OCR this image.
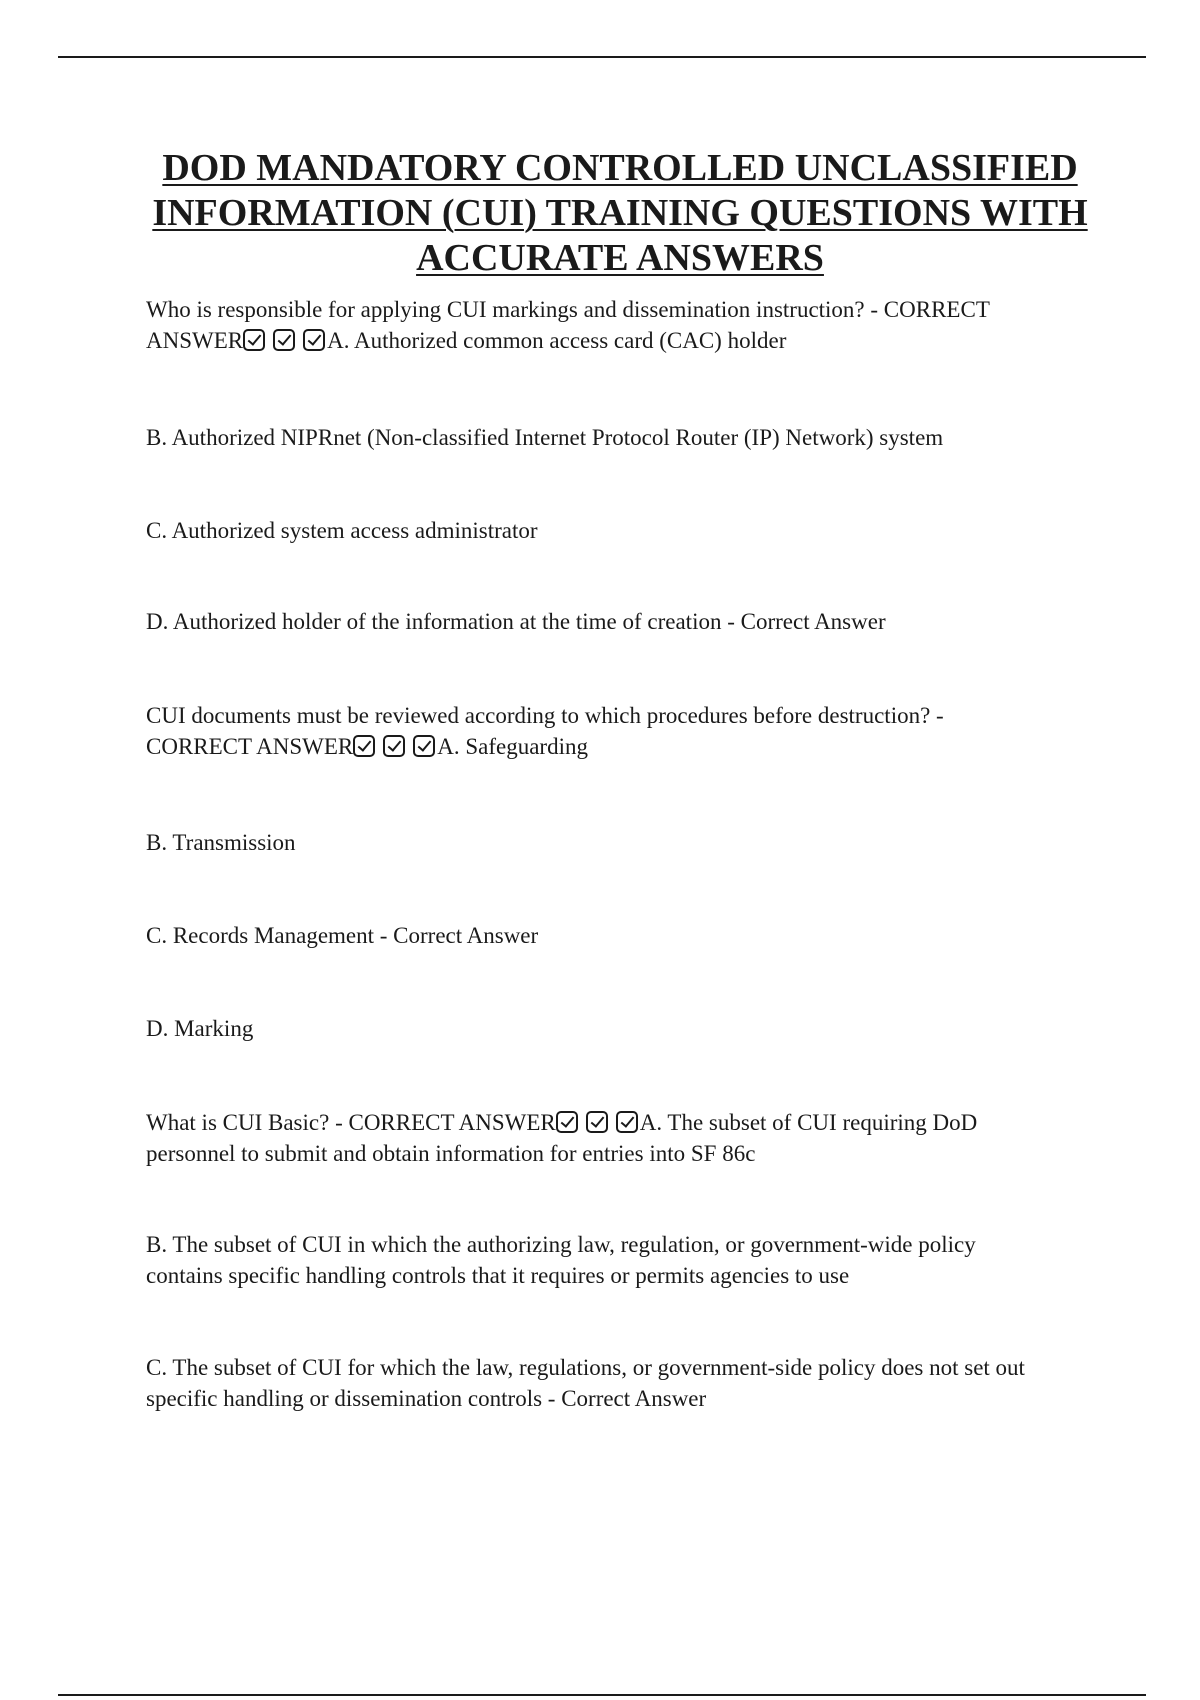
DOD MANDATORY CONTROLLED UNCLASSIFIED
INFORMATION (CUI) TRAINING QUESTIONS WITH
ACCURATE ANSWERS

Who is responsible for applying CUI markings and dissemination instruction? - CORRECT ANSWER	A. Authorized common access card (CAC) holder

B. Authorized NIPRnet (Non-classified Internet Protocol Router (IP) Network) system

C. Authorized system access administrator

D. Authorized holder of the information at the time of creation - Correct Answer

CUI documents must be reviewed according to which procedures before destruction? - CORRECT ANSWER	A. Safeguarding

B. Transmission

C. Records Management - Correct Answer

D. Marking

What is CUI Basic? - CORRECT ANSWER	A. The subset of CUI requiring DoD personnel to submit and obtain information for entries into SF 86c

B. The subset of CUI in which the authorizing law, regulation, or government-wide policy contains specific handling controls that it requires or permits agencies to use

C. The subset of CUI for which the law, regulations, or government-side policy does not set out specific handling or dissemination controls - Correct Answer
